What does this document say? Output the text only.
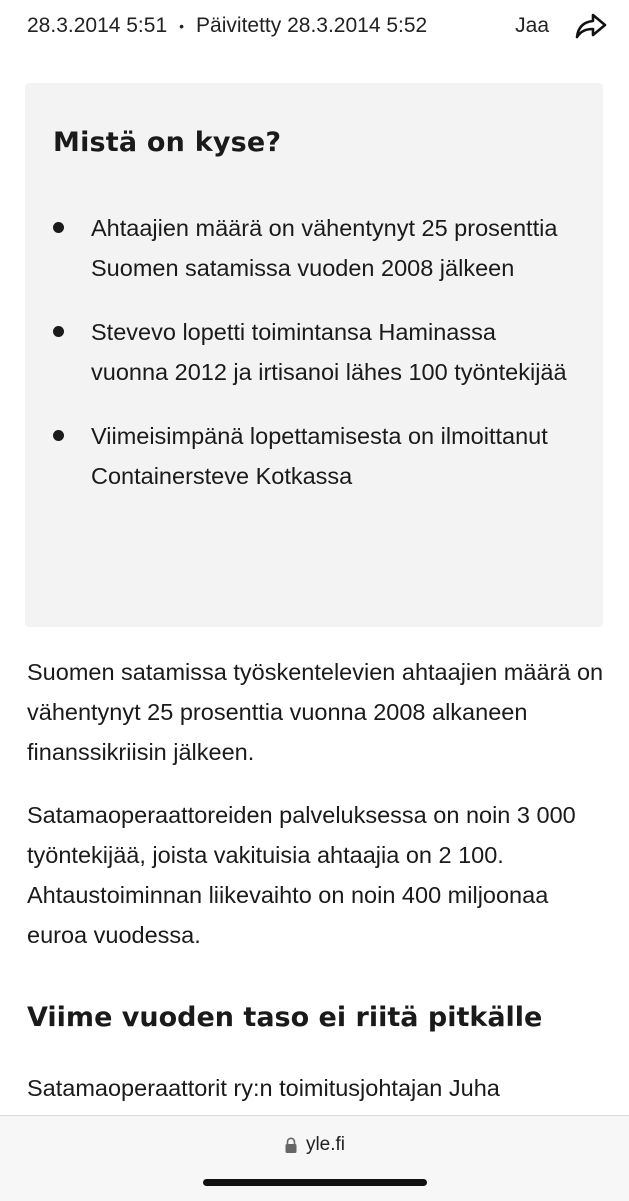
28.3.2014 5:51 • Päivitetty 28.3.2014 5:52	Jaa
Mistä on kyse?
Ahtaajien määrä on vähentynyt 25 prosenttia Suomen satamissa vuoden 2008 jälkeen
Stevevo lopetti toimintansa Haminassa vuonna 2012 ja irtisanoi lähes 100 työntekijää
Viimeisimpänä lopettamisesta on ilmoittanut Containersteve Kotkassa

Suomen satamissa työskentelevien ahtaajien määrä on vähentynyt 25 prosenttia vuonna 2008 alkaneen finanssikriisin jälkeen.

Satamaoperaattoreiden palveluksessa on noin 3 000 työntekijää, joista vakituisia ahtaajia on 2 100. Ahtaustoiminnan liikevaihto on noin 400 miljoonaa euroa vuodessa.

Viime vuoden taso ei riitä pitkälle

Satamaoperaattorit ry:n toimitusjohtajan Juha

yle.fi
